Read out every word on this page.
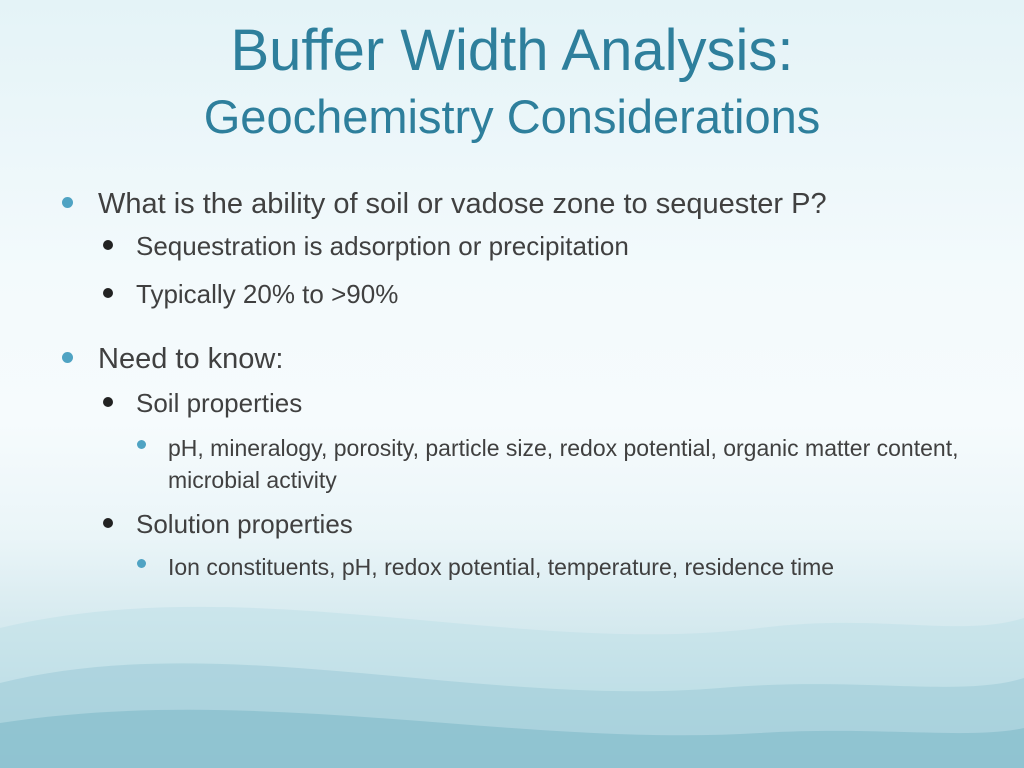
Buffer Width Analysis:
Geochemistry Considerations
What is the ability of soil or vadose zone to sequester P?
Sequestration is adsorption or precipitation
Typically 20% to >90%
Need to know:
Soil properties
pH, mineralogy, porosity, particle size, redox potential, organic matter content, microbial activity
Solution properties
Ion constituents, pH, redox potential, temperature, residence time
